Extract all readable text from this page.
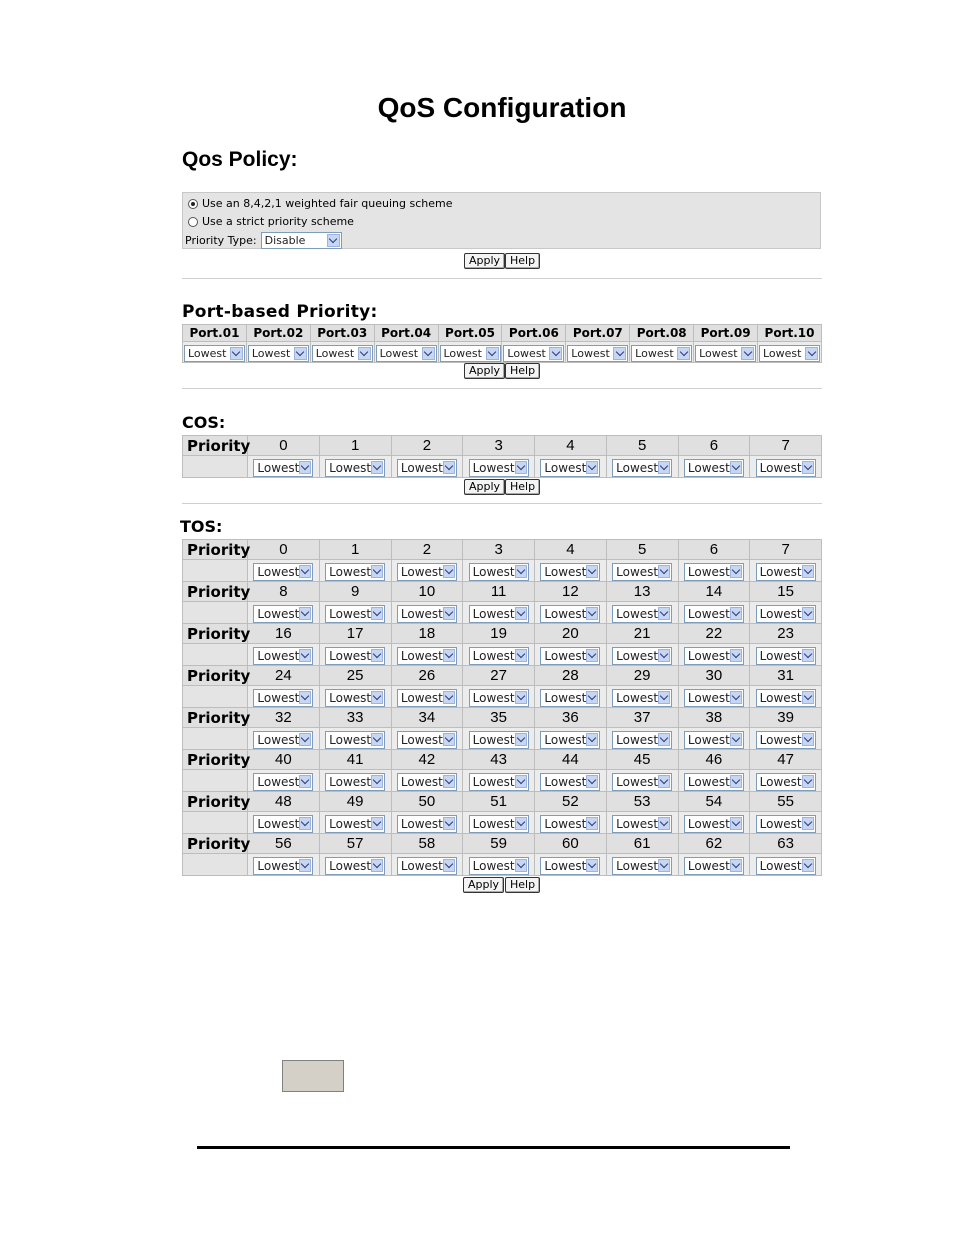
QoS Configuration
Qos Policy:
Use an 8,4,2,1 weighted fair queuing scheme
Use a strict priority scheme
Priority Type: Disable
Apply Help
Port-based Priority:
Port.01	Port.02	Port.03	Port.04	Port.05	Port.06	Port.07	Port.08	Port.09	Port.10

Lowest	Lowest	Lowest	Lowest	Lowest	Lowest	Lowest	Lowest	Lowest	Lowest
Apply Help
COS:
Priority	0	1	2	3	4	5	6	7

	Lowest	Lowest	Lowest	Lowest	Lowest	Lowest	Lowest	Lowest
Apply Help
TOS:
Priority	0	1	2	3	4	5	6	7

	Lowest	Lowest	Lowest	Lowest	Lowest	Lowest	Lowest	Lowest

Priority	8	9	10	11	12	13	14	15

	Lowest	Lowest	Lowest	Lowest	Lowest	Lowest	Lowest	Lowest

Priority	16	17	18	19	20	21	22	23

	Lowest	Lowest	Lowest	Lowest	Lowest	Lowest	Lowest	Lowest

Priority	24	25	26	27	28	29	30	31

	Lowest	Lowest	Lowest	Lowest	Lowest	Lowest	Lowest	Lowest

Priority	32	33	34	35	36	37	38	39

	Lowest	Lowest	Lowest	Lowest	Lowest	Lowest	Lowest	Lowest

Priority	40	41	42	43	44	45	46	47

	Lowest	Lowest	Lowest	Lowest	Lowest	Lowest	Lowest	Lowest

Priority	48	49	50	51	52	53	54	55

	Lowest	Lowest	Lowest	Lowest	Lowest	Lowest	Lowest	Lowest

Priority	56	57	58	59	60	61	62	63

	Lowest	Lowest	Lowest	Lowest	Lowest	Lowest	Lowest	Lowest
Apply Help
